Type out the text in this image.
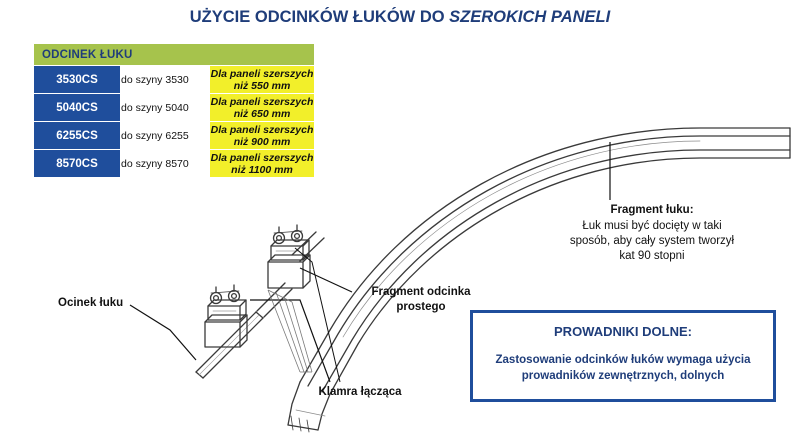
UŻYCIE ODCINKÓW ŁUKÓW DO SZEROKICH PANELI
ODCINEK ŁUKU		
3530CS	do szyny 3530	Dla paneli szerszych
niż 550 mm

5040CS	do szyny 5040	Dla paneli szerszych
niż 650 mm

6255CS	do szyny 6255	Dla paneli szerszych
niż 900 mm

8570CS	do szyny 8570	Dla paneli szerszych
niż 1100 mm
Fragment łuku:
Łuk musi być docięty w taki
sposób, aby cały system tworzył
kat 90 stopni
Ocinek łuku
Fragment odcinka
prostego
Klamra łącząca
PROWADNIKI DOLNE:
Zastosowanie odcinków łuków wymaga użycia
prowadników zewnętrznych, dolnych
